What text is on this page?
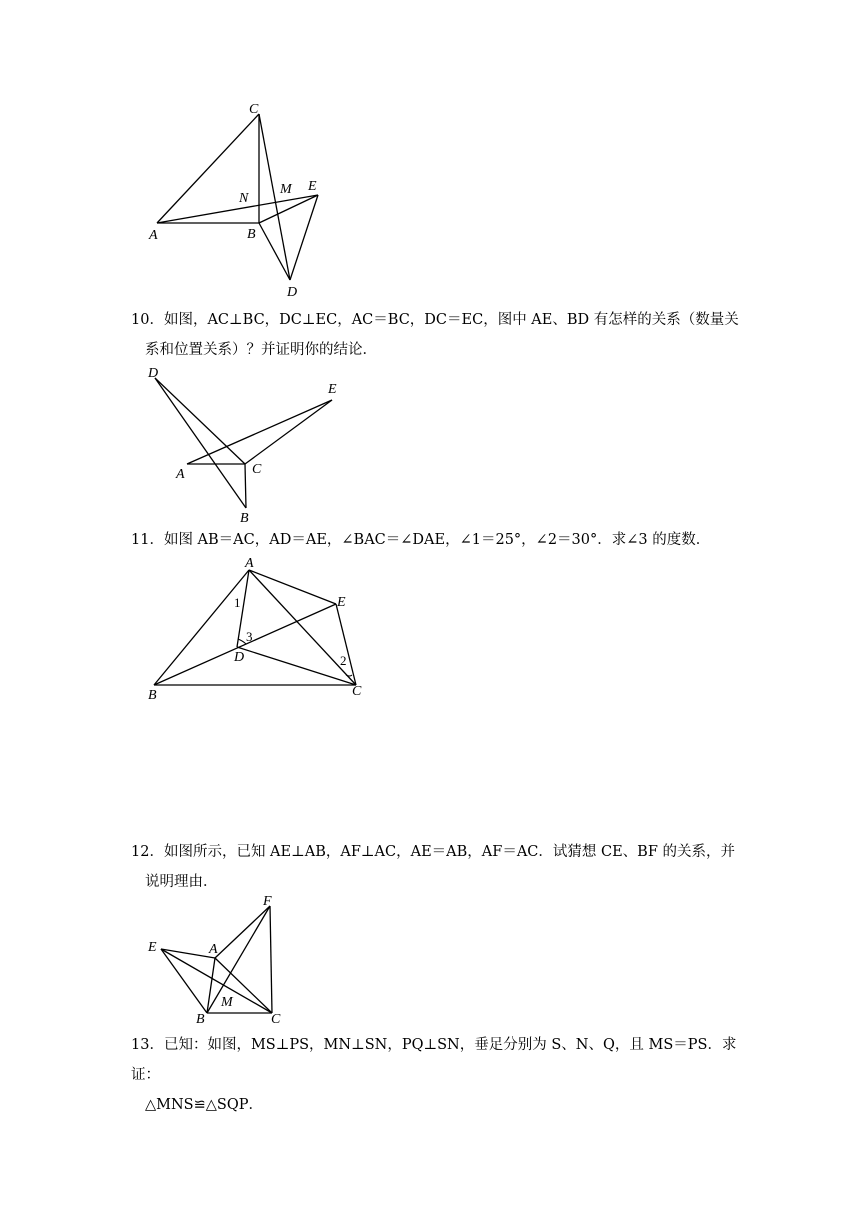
C
N
M E
A	B
D
10．如图，AC⊥BC，DC⊥EC，AC＝BC，DC＝EC，图中 AE、BD 有怎样的关系（数量关
系和位置关系）？并证明你的结论．
D
E
A	C
B
11．如图 AB＝AC，AD＝AE，∠BAC＝∠DAE，∠1＝25°，∠2＝30°．求∠3 的度数．
A
E
D
B	C
1
2
3
12．如图所示，已知 AE⊥AB，AF⊥AC，AE＝AB，AF＝AC．试猜想 CE、BF 的关系，并
说明理由．
F
E	A
M
B	C
13．已知：如图，MS⊥PS，MN⊥SN，PQ⊥SN，垂足分别为 S、N、Q，且 MS＝PS．求证：
△MNS≌△SQP．
